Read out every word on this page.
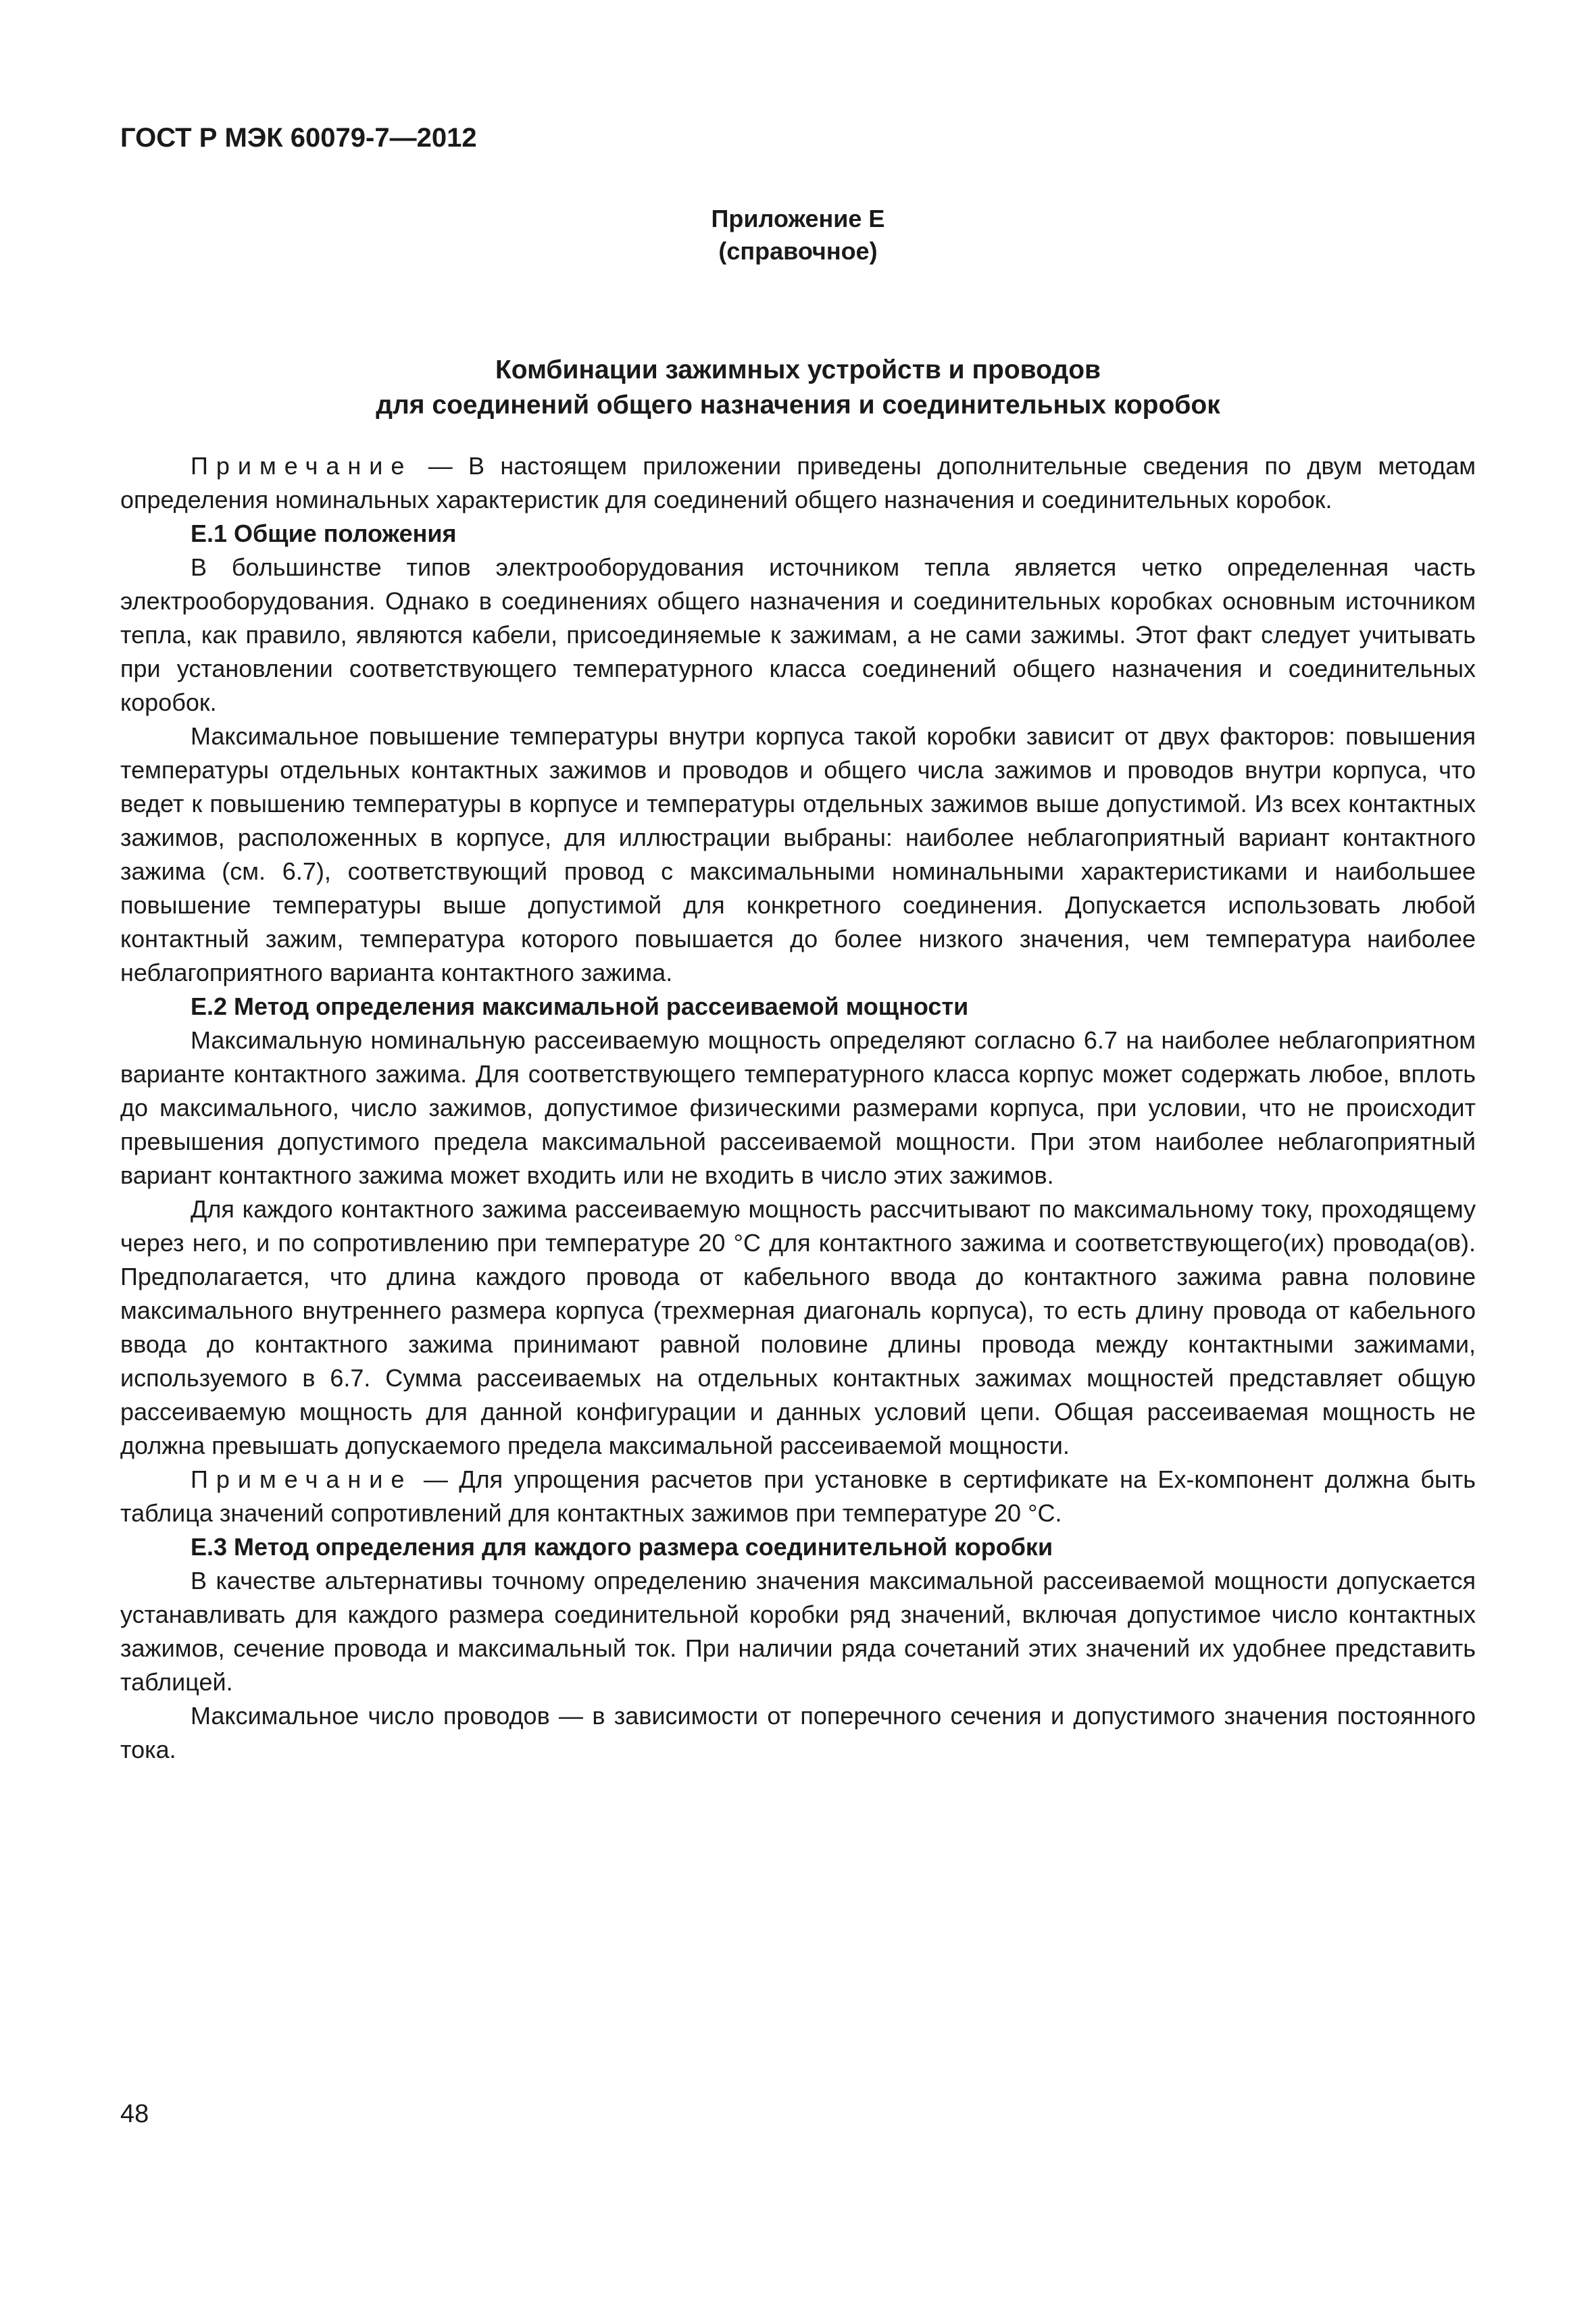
ГОСТ Р МЭК 60079-7—2012
Приложение Е
(справочное)
Комбинации зажимных устройств и проводов
для соединений общего назначения и соединительных коробок

Примечание — В настоящем приложении приведены дополнительные сведения по двум методам определения номинальных характеристик для соединений общего назначения и соединительных коробок.

Е.1 Общие положения

В большинстве типов электрооборудования источником тепла является четко определенная часть электрооборудования. Однако в соединениях общего назначения и соединительных коробках основным источником тепла, как правило, являются кабели, присоединяемые к зажимам, а не сами зажимы. Этот факт следует учитывать при установлении соответствующего температурного класса соединений общего назначения и соединительных коробок.

Максимальное повышение температуры внутри корпуса такой коробки зависит от двух факторов: повышения температуры отдельных контактных зажимов и проводов и общего числа зажимов и проводов внутри корпуса, что ведет к повышению температуры в корпусе и температуры отдельных зажимов выше допустимой. Из всех контактных зажимов, расположенных в корпусе, для иллюстрации выбраны: наиболее неблагоприятный вариант контактного зажима (см. 6.7), соответствующий провод с максимальными номинальными характеристиками и наибольшее повышение температуры выше допустимой для конкретного соединения. Допускается использовать любой контактный зажим, температура которого повышается до более низкого значения, чем температура наиболее неблагоприятного варианта контактного зажима.

Е.2 Метод определения максимальной рассеиваемой мощности

Максимальную номинальную рассеиваемую мощность определяют согласно 6.7 на наиболее неблагоприятном варианте контактного зажима. Для соответствующего температурного класса корпус может содержать любое, вплоть до максимального, число зажимов, допустимое физическими размерами корпуса, при условии, что не происходит превышения допустимого предела максимальной рассеиваемой мощности. При этом наиболее неблагоприятный вариант контактного зажима может входить или не входить в число этих зажимов.

Для каждого контактного зажима рассеиваемую мощность рассчитывают по максимальному току, проходящему через него, и по сопротивлению при температуре 20 °С для контактного зажима и соответствующего(их) провода(ов). Предполагается, что длина каждого провода от кабельного ввода до контактного зажима равна половине максимального внутреннего размера корпуса (трехмерная диагональ корпуса), то есть длину провода от кабельного ввода до контактного зажима принимают равной половине длины провода между контактными зажимами, используемого в 6.7. Сумма рассеиваемых на отдельных контактных зажимах мощностей представляет общую рассеиваемую мощность для данной конфигурации и данных условий цепи. Общая рассеиваемая мощность не должна превышать допускаемого предела максимальной рассеиваемой мощности.

Примечание — Для упрощения расчетов при установке в сертификате на Ex-компонент должна быть таблица значений сопротивлений для контактных зажимов при температуре 20 °С.

Е.3 Метод определения для каждого размера соединительной коробки

В качестве альтернативы точному определению значения максимальной рассеиваемой мощности допускается устанавливать для каждого размера соединительной коробки ряд значений, включая допустимое число контактных зажимов, сечение провода и максимальный ток. При наличии ряда сочетаний этих значений их удобнее представить таблицей.

Максимальное число проводов — в зависимости от поперечного сечения и допустимого значения постоянного тока.

48
